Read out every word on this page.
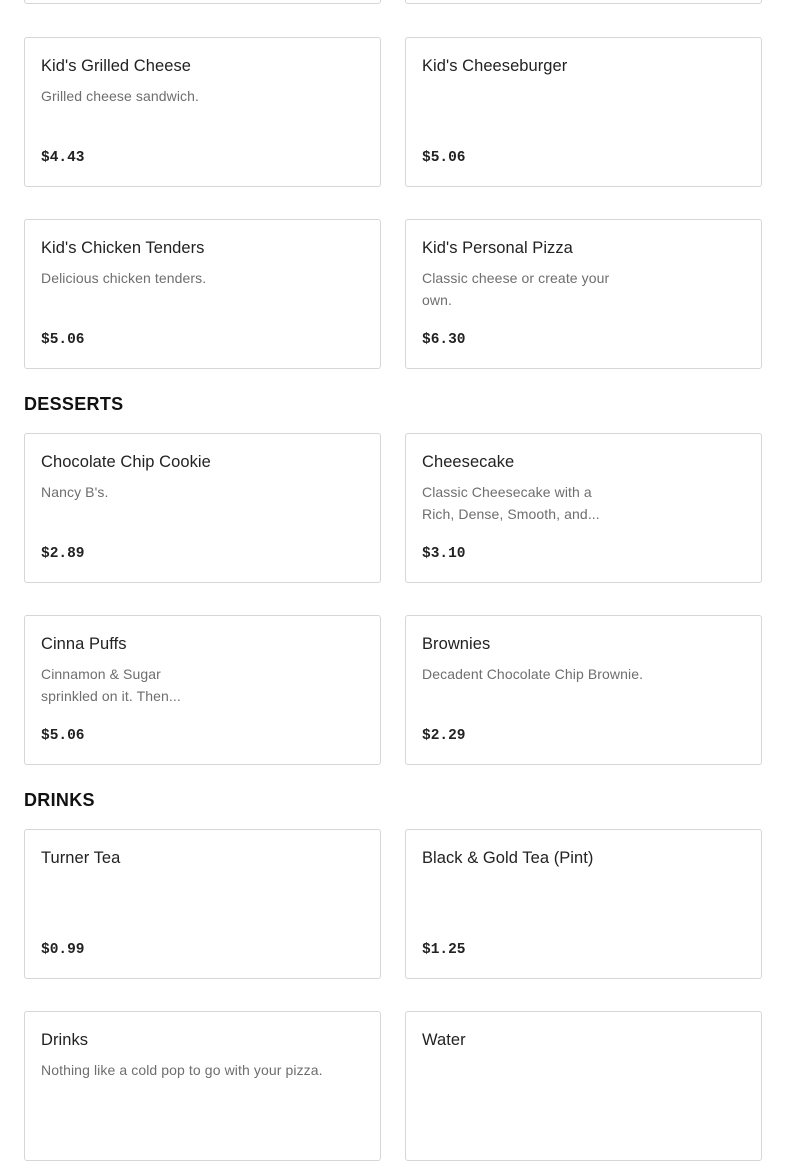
Kid's Grilled Cheese
Grilled cheese sandwich.
$4.43
Kid's Cheeseburger
$5.06
Kid's Chicken Tenders
Delicious chicken tenders.
$5.06
Kid's Personal Pizza
Classic cheese or create your own.
$6.30
DESSERTS
Chocolate Chip Cookie
Nancy B's.
$2.89
Cheesecake
Classic Cheesecake with a Rich, Dense, Smooth, and...
$3.10
Cinna Puffs
Cinnamon & Sugar sprinkled on it. Then...
$5.06
Brownies
Decadent Chocolate Chip Brownie.
$2.29
DRINKS
Turner Tea
$0.99
Black & Gold Tea (Pint)
$1.25
Drinks
Nothing like a cold pop to go with your pizza.
Water
